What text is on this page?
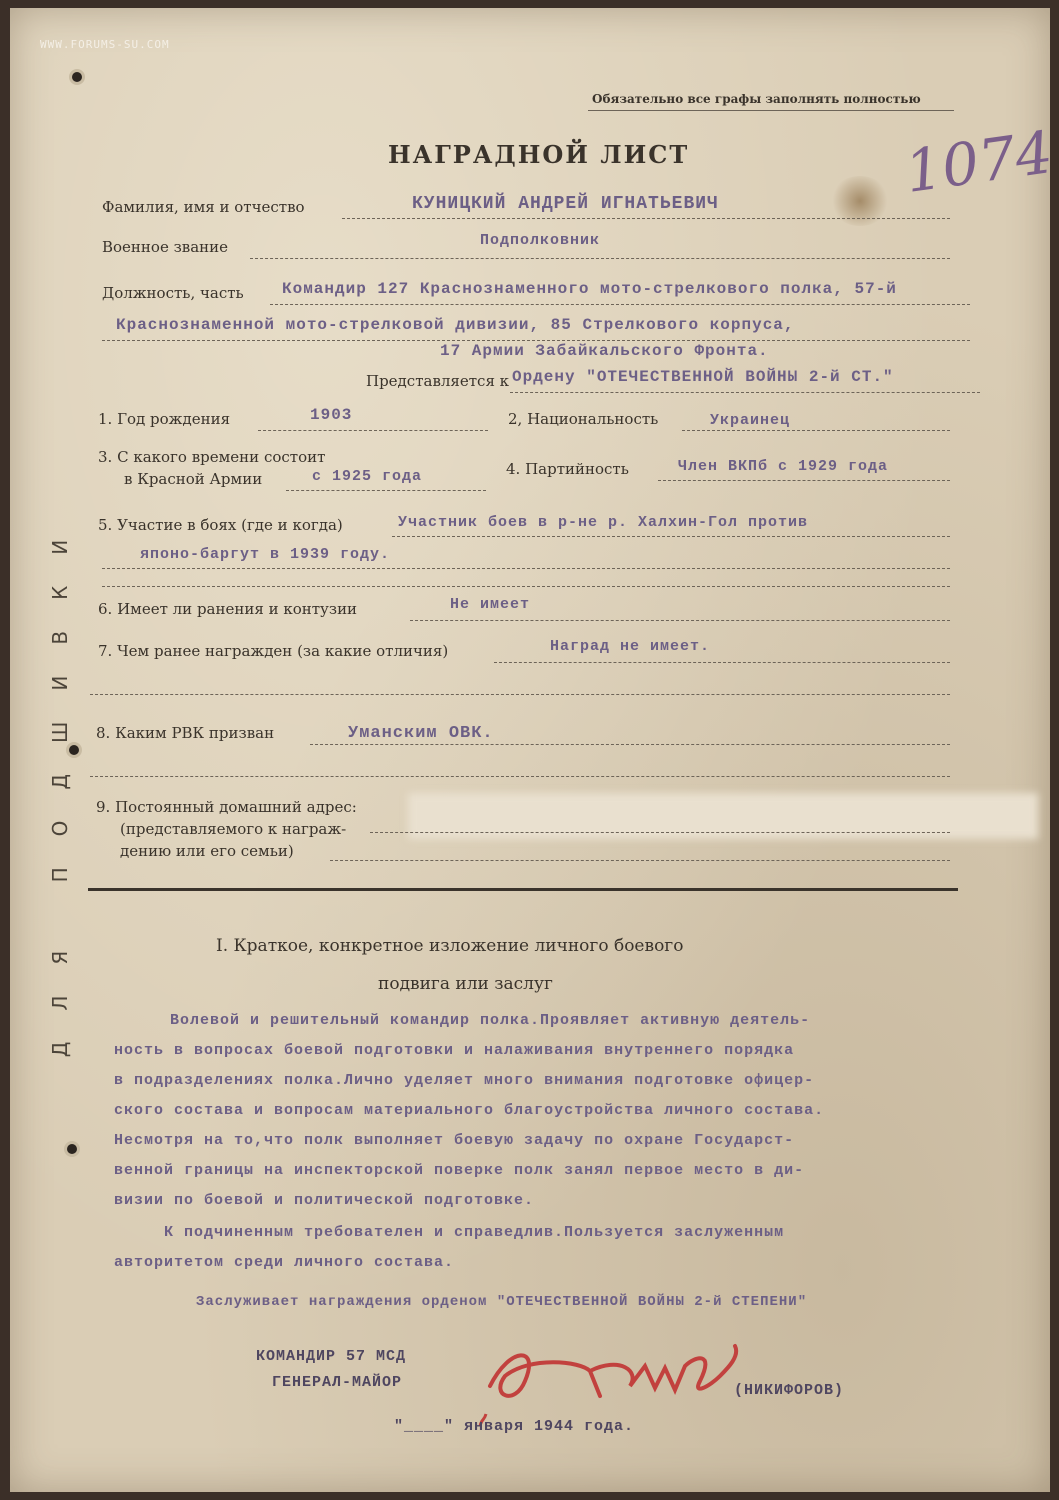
WWW.FORUMS-SU.COM
Обязательно все графы заполнять полностью
НАГРАДНОЙ ЛИСТ	1074
ДЛЯ ПОДШИВКИ
Фамилия, имя и отчество	КУНИЦКИЙ АНДРЕЙ ИГНАТЬЕВИЧ
Военное звание	Подполковник
Должность, часть Командир 127 Краснознаменного мото-стрелкового полка, 57-й
Краснознаменной мото-стрелковой дивизии, 85 Стрелкового корпуса,
17 Армии Забайкальского Фронта.
Представляется к Ордену "ОТЕЧЕСТВЕННОЙ ВОЙНЫ 2-й СТ."
1. Год рождения	1903	2, Национальность	Украинец
3. С какого времени состоит
в Красной Армии	с 1925 года	4. Партийность	Член ВКПб с 1929 года
5. Участие в боях (где и когда)	Участник боев в р-не р. Халхин-Гол против
японо-баргут в 1939 году.
6. Имеет ли ранения и контузии	Не имеет
7. Чем ранее награжден (за какие отличия)	Наград не имеет.
8. Каким РВК призван	Уманским ОВК.
9. Постоянный домашний адрес:
(представляемого к награж-
дению или его семьи)
I. Краткое, конкретное изложение личного боевого
подвига или заслуг
Волевой и решительный командир полка.Проявляет активную деятель-
ность в вопросах боевой подготовки и налаживания внутреннего порядка
в подразделениях полка.Лично уделяет много внимания подготовке офицер-
ского состава и вопросам материального благоустройства личного состава.
Несмотря на то,что полк выполняет боевую задачу по охране Государст-
венной границы на инспекторской поверке полк занял первое место в ди-
визии по боевой и политической подготовке.
К подчиненным требователен и справедлив.Пользуется заслуженным
авторитетом среди личного состава.
Заслуживает награждения орденом "ОТЕЧЕСТВЕННОЙ ВОЙНЫ 2-й СТЕПЕНИ"
КОМАНДИР 57 МСД
ГЕНЕРАЛ-МАЙОР	(НИКИФОРОВ)
"____" января 1944 года.
